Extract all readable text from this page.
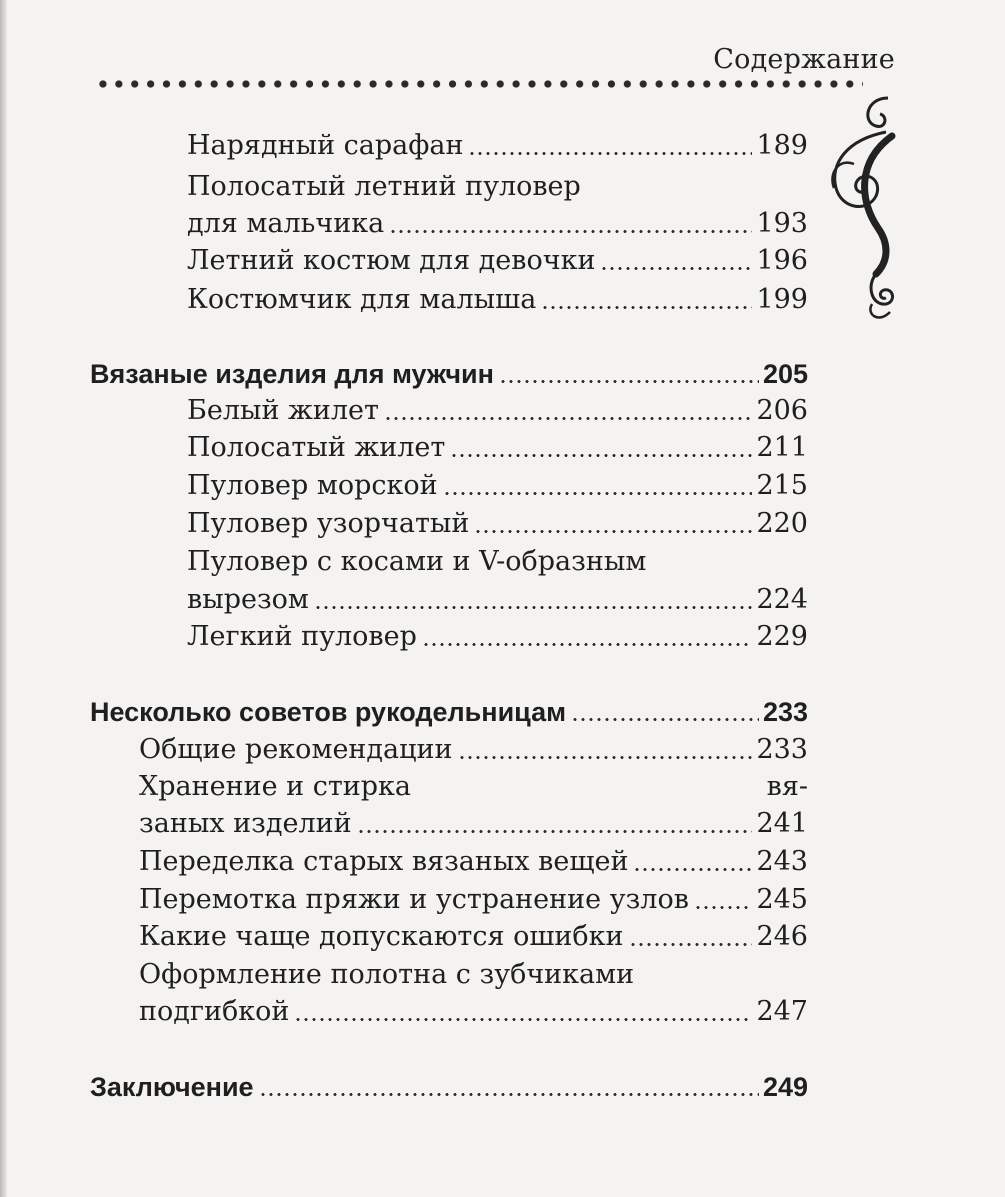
Содержание
Нарядный сарафан	189
Полосатый летний пуловер
для мальчика	193
Летний костюм для девочки	196
Костюмчик для малыша	199
Вязаные изделия для мужчин	205
Белый жилет	206
Полосатый жилет	211
Пуловер морской	215
Пуловер узорчатый	220
Пуловер с косами и V-образным
вырезом	224
Легкий пуловер	229
Несколько советов рукодельницам	233
Общие рекомендации	233
Хранение и стирка	вя-
заных изделий	241
Переделка старых вязаных вещей	243
Перемотка пряжи и устранение узлов	245
Какие чаще допускаются ошибки	246
Оформление полотна с зубчиками
подгибкой	247
Заключение	249
